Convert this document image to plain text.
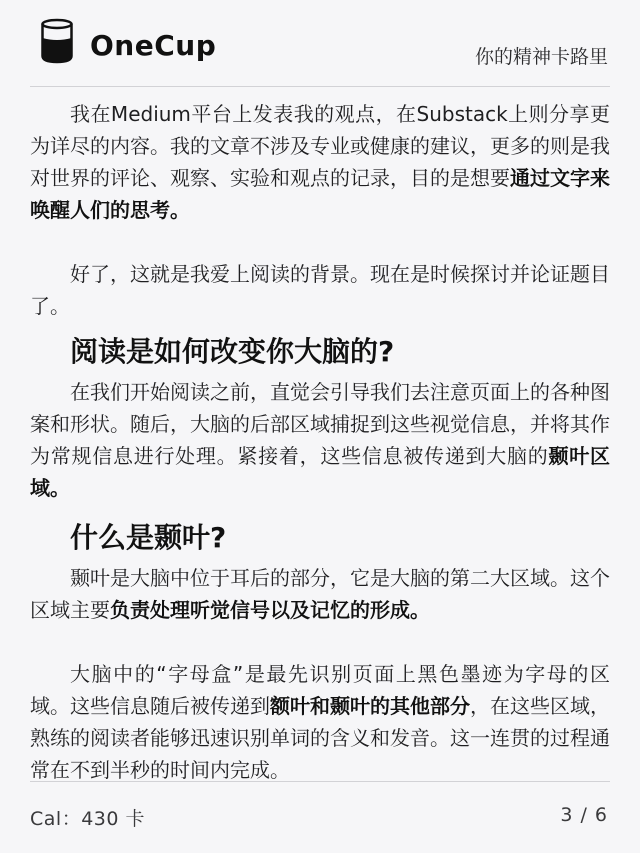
OneCup	你的精神卡路里

我在Medium平台上发表我的观点，在Substack上则分享更为详尽的内容。我的文章不涉及专业或健康的建议，更多的则是我对世界的评论、观察、实验和观点的记录，目的是想要通过文字来唤醒人们的思考。

好了，这就是我爱上阅读的背景。现在是时候探讨并论证题目了。

阅读是如何改变你大脑的?

在我们开始阅读之前，直觉会引导我们去注意页面上的各种图案和形状。随后，大脑的后部区域捕捉到这些视觉信息，并将其作为常规信息进行处理。紧接着，这些信息被传递到大脑的颞叶区域。

什么是颞叶?

颞叶是大脑中位于耳后的部分，它是大脑的第二大区域。这个区域主要负责处理听觉信号以及记忆的形成。

大脑中的“字母盒”是最先识别页面上黑色墨迹为字母的区域。这些信息随后被传递到额叶和颞叶的其他部分，在这些区域，熟练的阅读者能够迅速识别单词的含义和发音。这一连贯的过程通常在不到半秒的时间内完成。

Cal：430 卡	3 / 6
